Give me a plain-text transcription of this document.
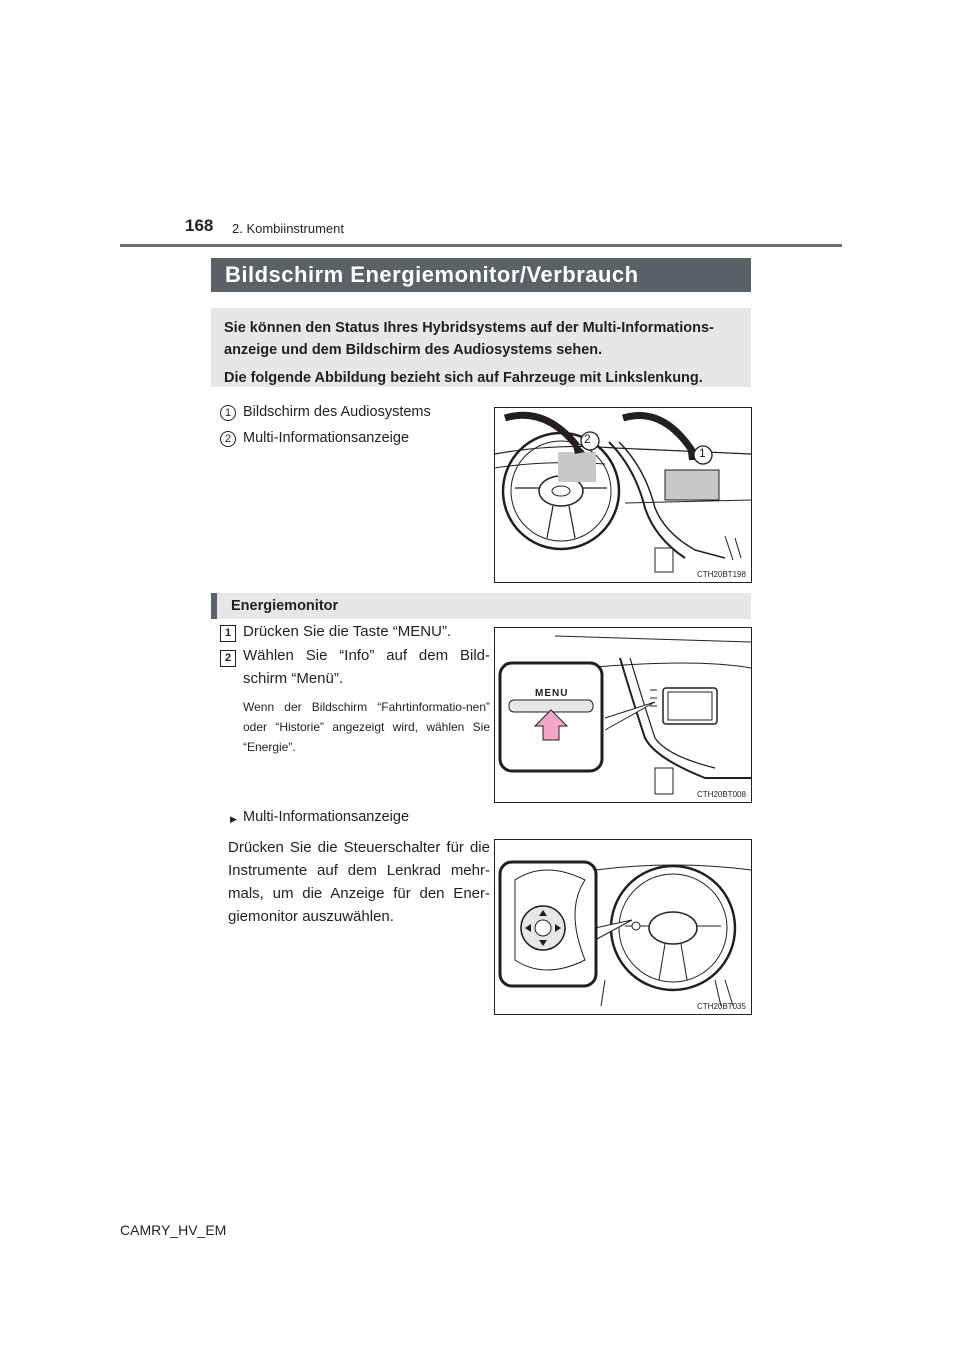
168 2. Kombiinstrument
Bildschirm Energiemonitor/Verbrauch

Sie können den Status Ihres Hybridsystems auf der Multi-Informations-anzeige und dem Bildschirm des Audiosystems sehen.

Die folgende Abbildung bezieht sich auf Fahrzeuge mit Linkslenkung.

1 Bildschirm des Audiosystems
2 Multi-Informationsanzeige	2
1
CTH20BT198
Energiemonitor
1 Drücken Sie die Taste “MENU”.
2 Wählen Sie “Info” auf dem Bild-schirm “Menü”.
Wenn der Bildschirm “Fahrtinformatio-nen” oder “Historie” angezeigt wird, wählen Sie “Energie”.
MENU
CTH20BT008
▶ Multi-Informationsanzeige
Drücken Sie die Steuerschalter für die Instrumente auf dem Lenkrad mehr-mals, um die Anzeige für den Ener-giemonitor auszuwählen.
CTH20BT035
CAMRY_HV_EM
